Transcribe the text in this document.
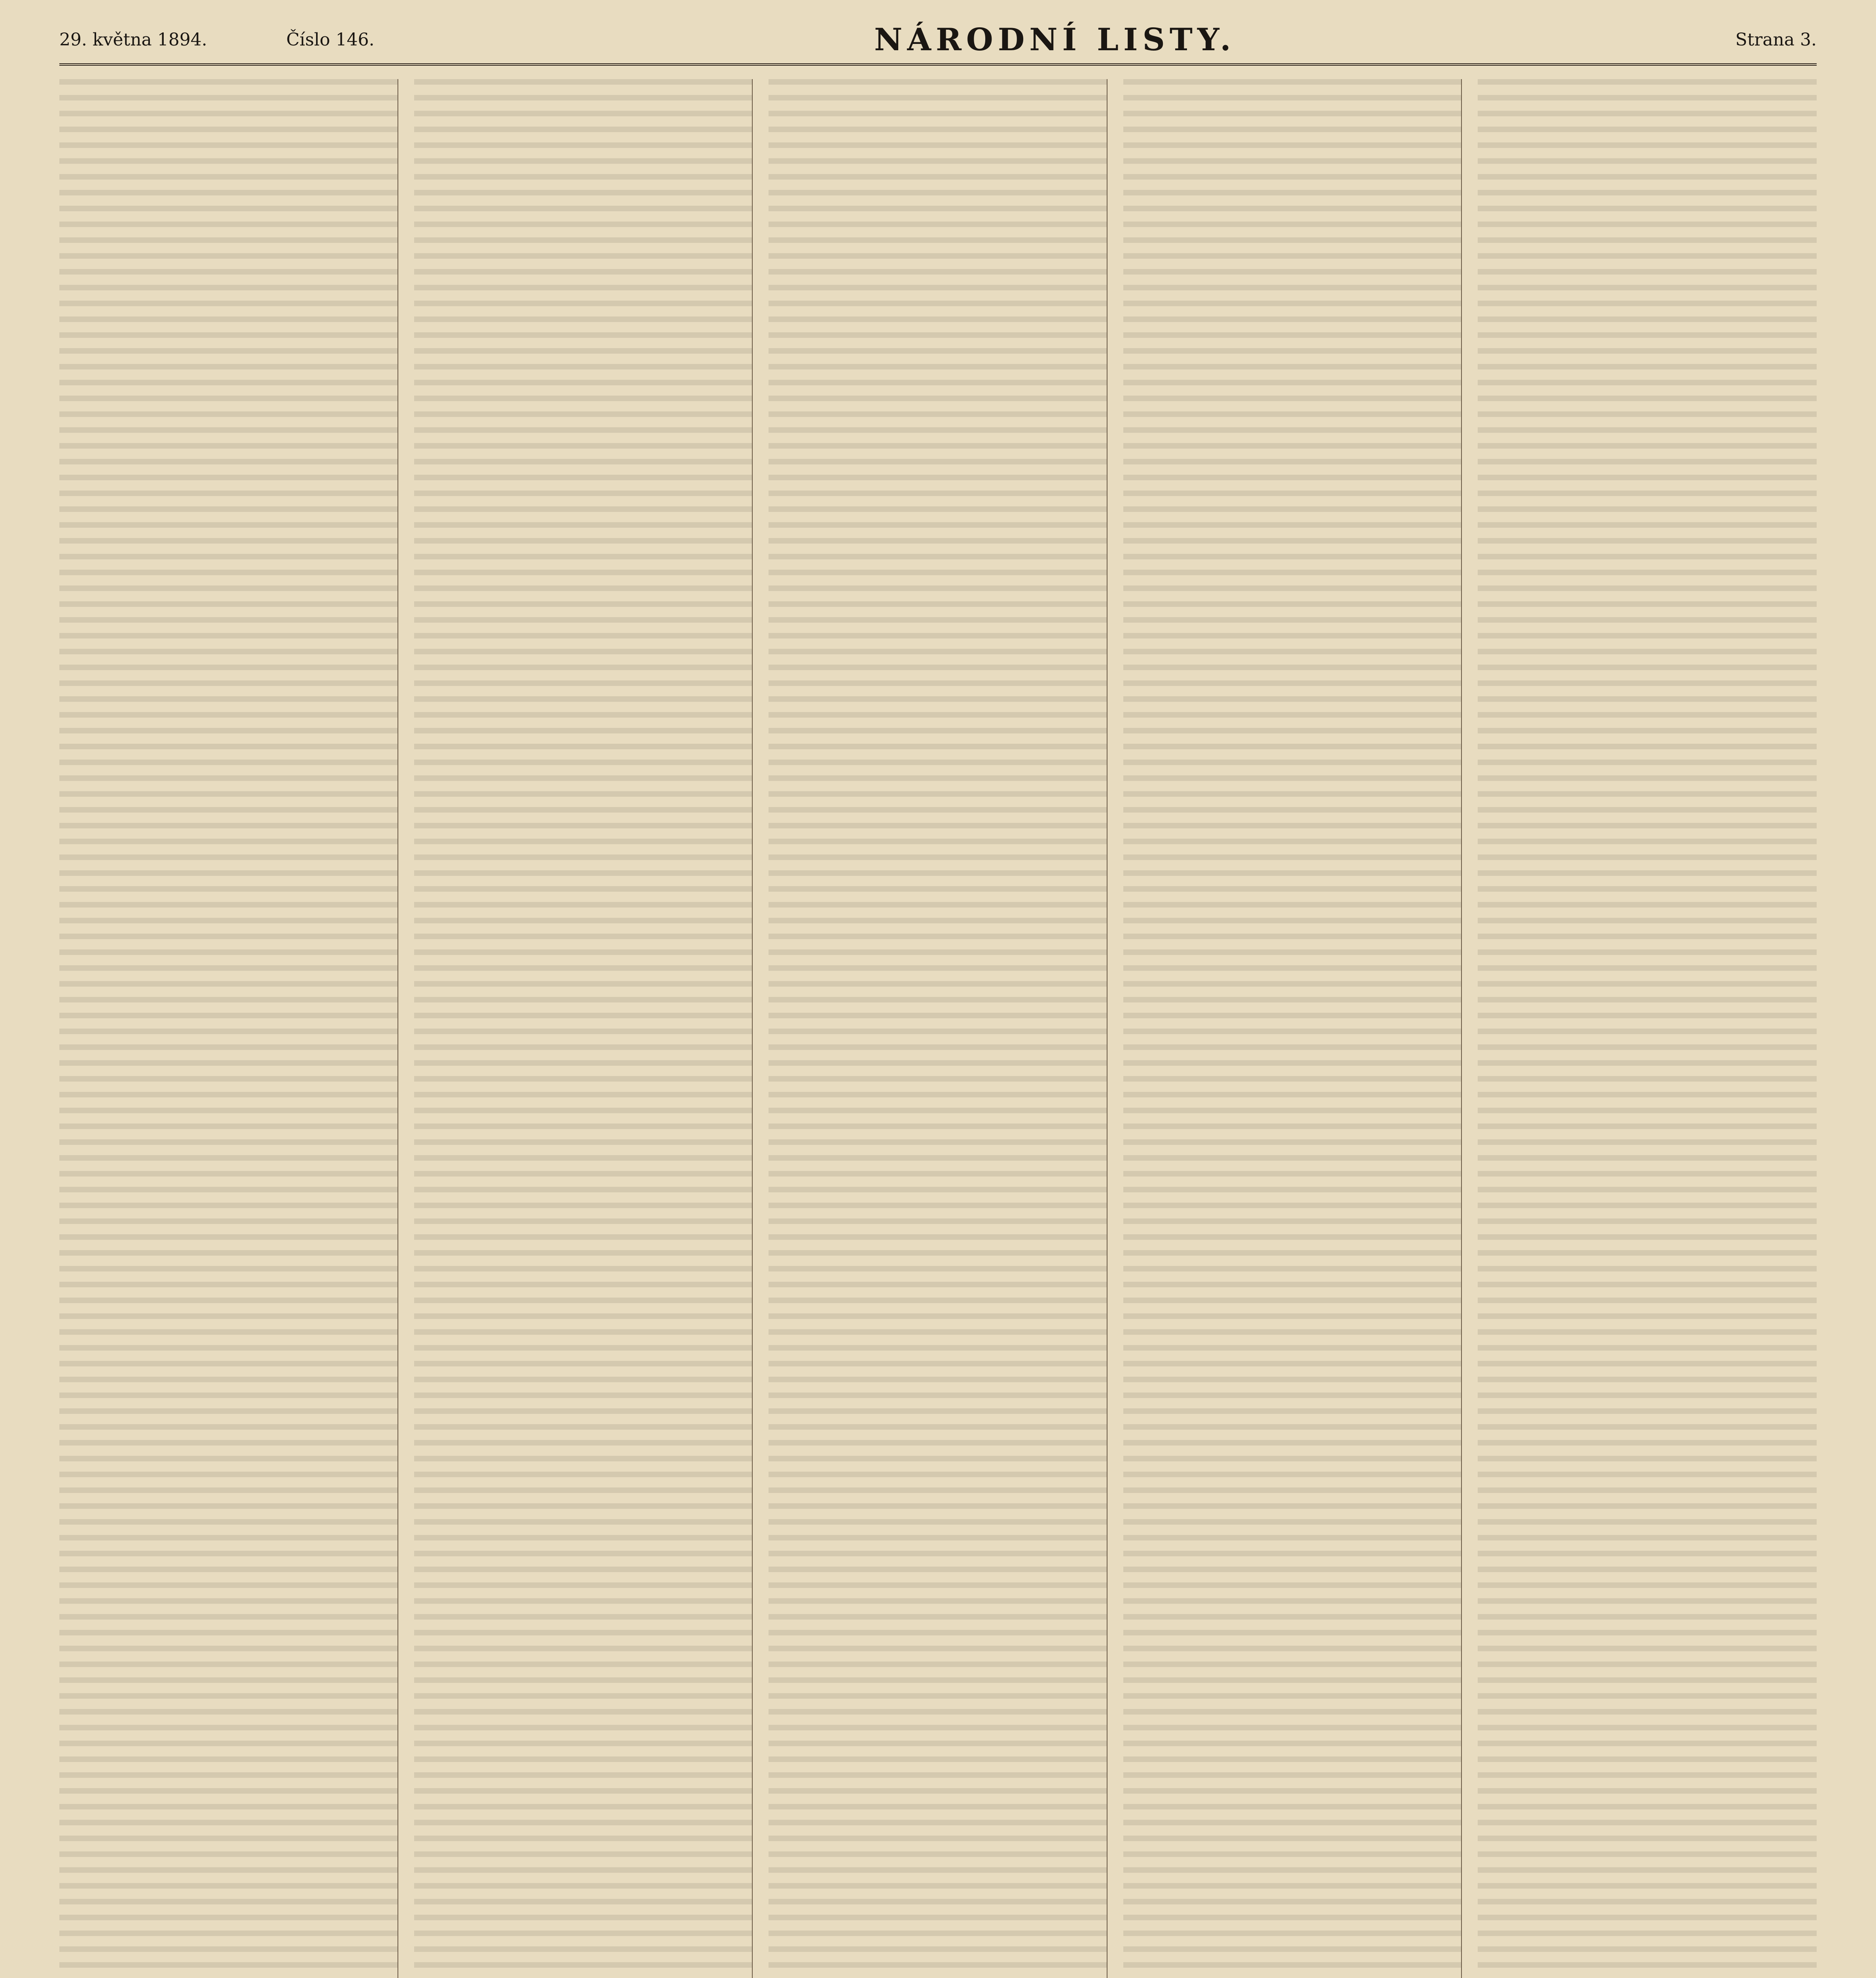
29. května 1894.	Číslo 146.	NÁRODNÍ LISTY.	Strana 3.
